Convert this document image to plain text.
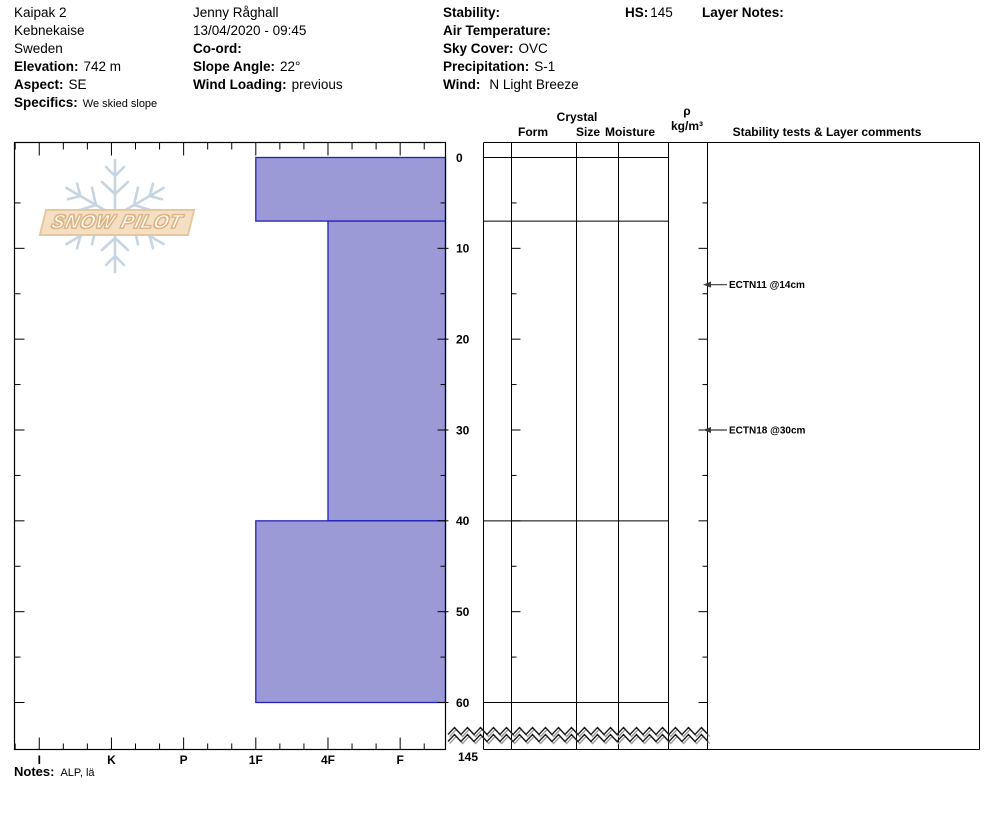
Kaipak 2
Kebnekaise
Sweden
Elevation: 742 m
Aspect: SE
Specifics: We skied slope
Jenny Råghall
13/04/2020 - 09:45
Co-ord:
Slope Angle: 22°
Wind Loading: previous
Stability:
Air Temperature:
Sky Cover: OVC
Precipitation: S-1
Wind: N Light Breeze
HS: 145 Layer Notes:
SNOW PILOT
ECTN11 @14cm
ECTN18 @30cm
0
10
20
30
40
50
60
145
I	K	P	1F	4F	F
Crystal
Form Size Moisture
ρ
kg/m³ Stability tests & Layer comments
Notes: ALP, lä
